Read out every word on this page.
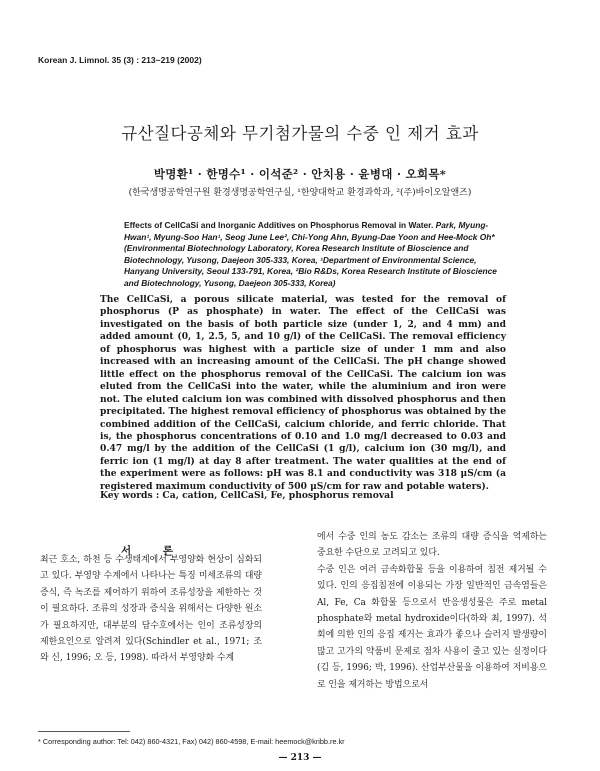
Korean J. Limnol. 35 (3) : 213~219 (2002)
규산질다공체와 무기첨가물의 수중 인 제거 효과
박명환¹ · 한명수¹ · 이석준² · 안치용 · 윤병대 · 오희목*
(한국생명공학연구원 환경생명공학연구실, ¹한양대학교 환경과학과, ²(주)바이오알앤즈)
Effects of CellCaSi and Inorganic Additives on Phosphorus Removal in Water. Park, Myung-Hwan¹, Myung-Soo Han¹, Seog June Lee², Chi-Yong Ahn, Byung-Dae Yoon and Hee-Mock Oh* (Environmental Biotechnology Laboratory, Korea Research Institute of Bioscience and Biotechnology, Yusong, Daejeon 305-333, Korea, ¹Department of Environmental Science, Hanyang University, Seoul 133-791, Korea, ²Bio R&Ds, Korea Research Institute of Bioscience and Biotechnology, Yusong, Daejeon 305-333, Korea)

The CellCaSi, a porous silicate material, was tested for the removal of phosphorus (P as phosphate) in water. The effect of the CellCaSi was investigated on the basis of both particle size (under 1, 2, and 4 mm) and added amount (0, 1, 2.5, 5, and 10 g/l) of the CellCaSi. The removal efficiency of phosphorus was highest with a particle size of under 1 mm and also increased with an increasing amount of the CellCaSi. The pH change showed little effect on the phosphorus removal of the CellCaSi. The calcium ion was eluted from the CellCaSi into the water, while the aluminium and iron were not. The eluted calcium ion was combined with dissolved phosphorus and then precipitated. The highest removal efficiency of phosphorus was obtained by the combined addition of the CellCaSi, calcium chloride, and ferric chloride. That is, the phosphorus concentrations of 0.10 and 1.0 mg/l decreased to 0.03 and 0.47 mg/l by the addition of the CellCaSi (1 g/l), calcium ion (30 mg/l), and ferric ion (1 mg/l) at day 8 after treatment. The water qualities at the end of the experiment were as follows: pH was 8.1 and conductivity was 318 μS/cm (a registered maximum conductivity of 500 μS/cm for raw and potable waters).

Key words : Ca, cation, CellCaSi, Fe, phosphorus removal
서 론

최근 호소, 하천 등 수생태계에서 부영양화 현상이 심화되고 있다. 부영양 수계에서 나타나는 특징 미세조류의 대량증식, 즉 녹조를 제어하기 위하여 조류성장을 제한하는 것이 필요하다. 조류의 성장과 증식을 위해서는 다양한 원소가 필요하지만, 대부분의 담수호에서는 인이 조류성장의 제한요인으로 알려져 있다(Schindler et al., 1971; 조와 신, 1996; 오 등, 1998). 따라서 부영양화 수계

에서 수중 인의 농도 감소는 조류의 대량 증식을 억제하는 중요한 수단으로 고려되고 있다.
수중 인은 여러 금속화합물 등을 이용하여 침전 제거될 수 있다. 인의 응집침전에 이용되는 가장 일반적인 금속염들은 Al, Fe, Ca 화합물 등으로서 반응생성물은 주로 metal phosphate와 metal hydroxide이다(하와 최, 1997). 석회에 의한 인의 응집 제거는 효과가 좋으나 슬러지 발생량이 많고 고가의 약품비 문제로 점차 사용이 줄고 있는 실정이다(김 등, 1996; 박, 1996). 산업부산물을 이용하여 저비용으로 인을 제거하는 방법으로서

* Corresponding author: Tel: 042) 860-4321, Fax) 042) 860-4598, E-mail: heemock@kribb.re.kr
— 213 —
